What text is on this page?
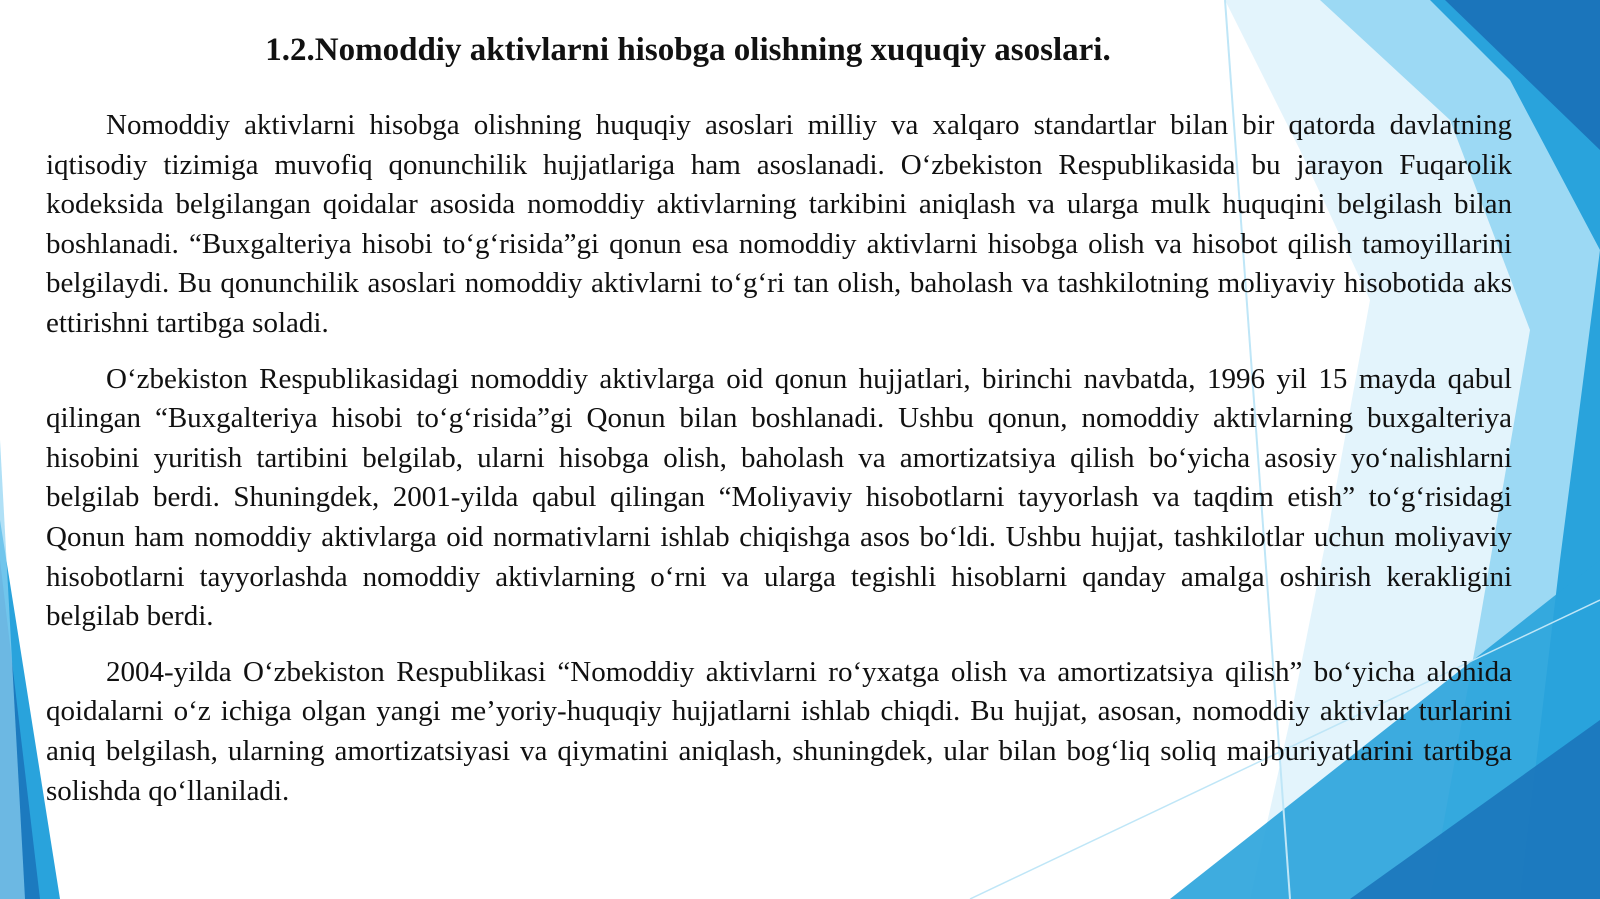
1.2.Nomoddiy aktivlarni hisobga olishning xuquqiy asoslari.

Nomoddiy aktivlarni hisobga olishning huquqiy asoslari milliy va xalqaro standartlar bilan bir qatorda davlatning iqtisodiy tizimiga muvofiq qonunchilik hujjatlariga ham asoslanadi. O‘zbekiston Respublikasida bu jarayon Fuqarolik kodeksida belgilangan qoidalar asosida nomoddiy aktivlarning tarkibini aniqlash va ularga mulk huquqini belgilash bilan boshlanadi. “Buxgalteriya hisobi to‘g‘risida”gi qonun esa nomoddiy aktivlarni hisobga olish va hisobot qilish tamoyillarini belgilaydi. Bu qonunchilik asoslari nomoddiy aktivlarni to‘g‘ri tan olish, baholash va tashkilotning moliyaviy hisobotida aks ettirishni tartibga soladi.

O‘zbekiston Respublikasidagi nomoddiy aktivlarga oid qonun hujjatlari, birinchi navbatda, 1996 yil 15 mayda qabul qilingan “Buxgalteriya hisobi to‘g‘risida”gi Qonun bilan boshlanadi. Ushbu qonun, nomoddiy aktivlarning buxgalteriya hisobini yuritish tartibini belgilab, ularni hisobga olish, baholash va amortizatsiya qilish bo‘yicha asosiy yo‘nalishlarni belgilab berdi. Shuningdek, 2001-yilda qabul qilingan “Moliyaviy hisobotlarni tayyorlash va taqdim etish” to‘g‘risidagi Qonun ham nomoddiy aktivlarga oid normativlarni ishlab chiqishga asos bo‘ldi. Ushbu hujjat, tashkilotlar uchun moliyaviy hisobotlarni tayyorlashda nomoddiy aktivlarning o‘rni va ularga tegishli hisoblarni qanday amalga oshirish kerakligini belgilab berdi.

2004-yilda O‘zbekiston Respublikasi “Nomoddiy aktivlarni ro‘yxatga olish va amortizatsiya qilish” bo‘yicha alohida qoidalarni o‘z ichiga olgan yangi me’yoriy-huquqiy hujjatlarni ishlab chiqdi. Bu hujjat, asosan, nomoddiy aktivlar turlarini aniq belgilash, ularning amortizatsiyasi va qiymatini aniqlash, shuningdek, ular bilan bog‘liq soliq majburiyatlarini tartibga solishda qo‘llaniladi.
